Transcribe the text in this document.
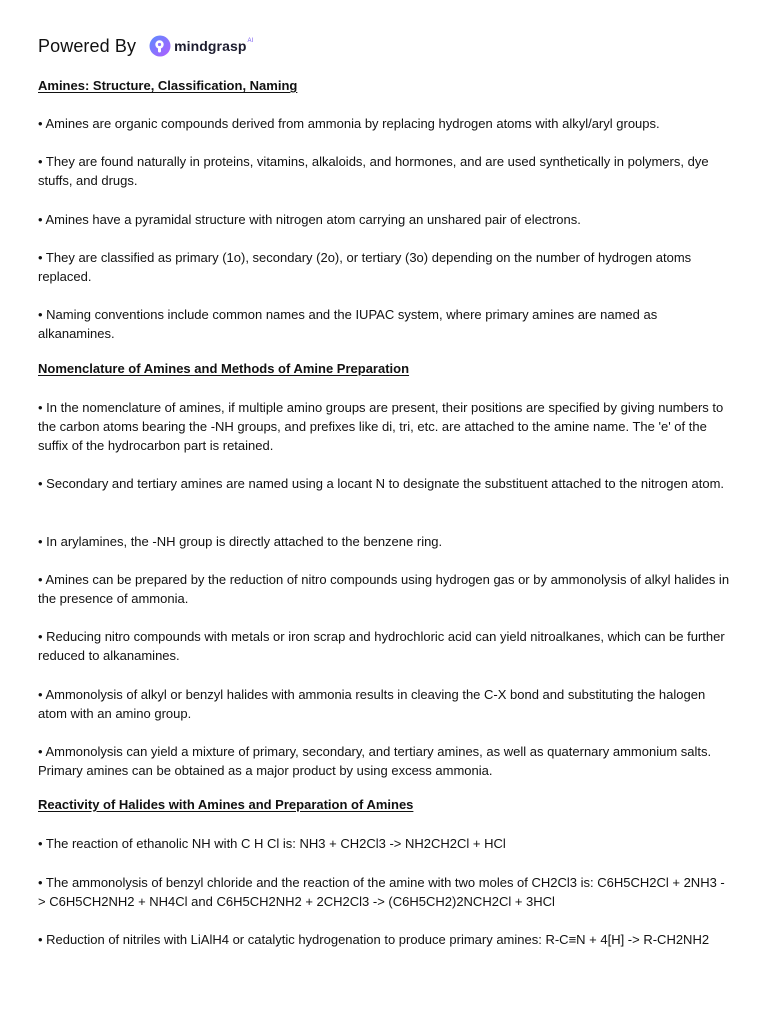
Powered By	mindgrasp AI
Amines: Structure, Classification, Naming

• Amines are organic compounds derived from ammonia by replacing hydrogen atoms with alkyl/aryl groups.

• They are found naturally in proteins, vitamins, alkaloids, and hormones, and are used synthetically in polymers, dye stuffs, and drugs.

• Amines have a pyramidal structure with nitrogen atom carrying an unshared pair of electrons.

• They are classified as primary (1o), secondary (2o), or tertiary (3o) depending on the number of hydrogen atoms replaced.

• Naming conventions include common names and the IUPAC system, where primary amines are named as alkanamines.

Nomenclature of Amines and Methods of Amine Preparation

• In the nomenclature of amines, if multiple amino groups are present, their positions are specified by giving numbers to the carbon atoms bearing the -NH groups, and prefixes like di, tri, etc. are attached to the amine name. The 'e' of the suffix of the hydrocarbon part is retained.

• Secondary and tertiary amines are named using a locant N to designate the substituent attached to the nitrogen atom.

• In arylamines, the -NH group is directly attached to the benzene ring.

• Amines can be prepared by the reduction of nitro compounds using hydrogen gas or by ammonolysis of alkyl halides in the presence of ammonia.

• Reducing nitro compounds with metals or iron scrap and hydrochloric acid can yield nitroalkanes, which can be further reduced to alkanamines.

• Ammonolysis of alkyl or benzyl halides with ammonia results in cleaving the C-X bond and substituting the halogen atom with an amino group.

• Ammonolysis can yield a mixture of primary, secondary, and tertiary amines, as well as quaternary ammonium salts. Primary amines can be obtained as a major product by using excess ammonia.

Reactivity of Halides with Amines and Preparation of Amines

• The reaction of ethanolic NH with C H Cl is: NH3 + CH2Cl3 -> NH2CH2Cl + HCl

• The ammonolysis of benzyl chloride and the reaction of the amine with two moles of CH2Cl3 is: C6H5CH2Cl + 2NH3 -> C6H5CH2NH2 + NH4Cl and C6H5CH2NH2 + 2CH2Cl3 -> (C6H5CH2)2NCH2Cl + 3HCl

• Reduction of nitriles with LiAlH4 or catalytic hydrogenation to produce primary amines: R-C≡N + 4[H] -> R-CH2NH2
